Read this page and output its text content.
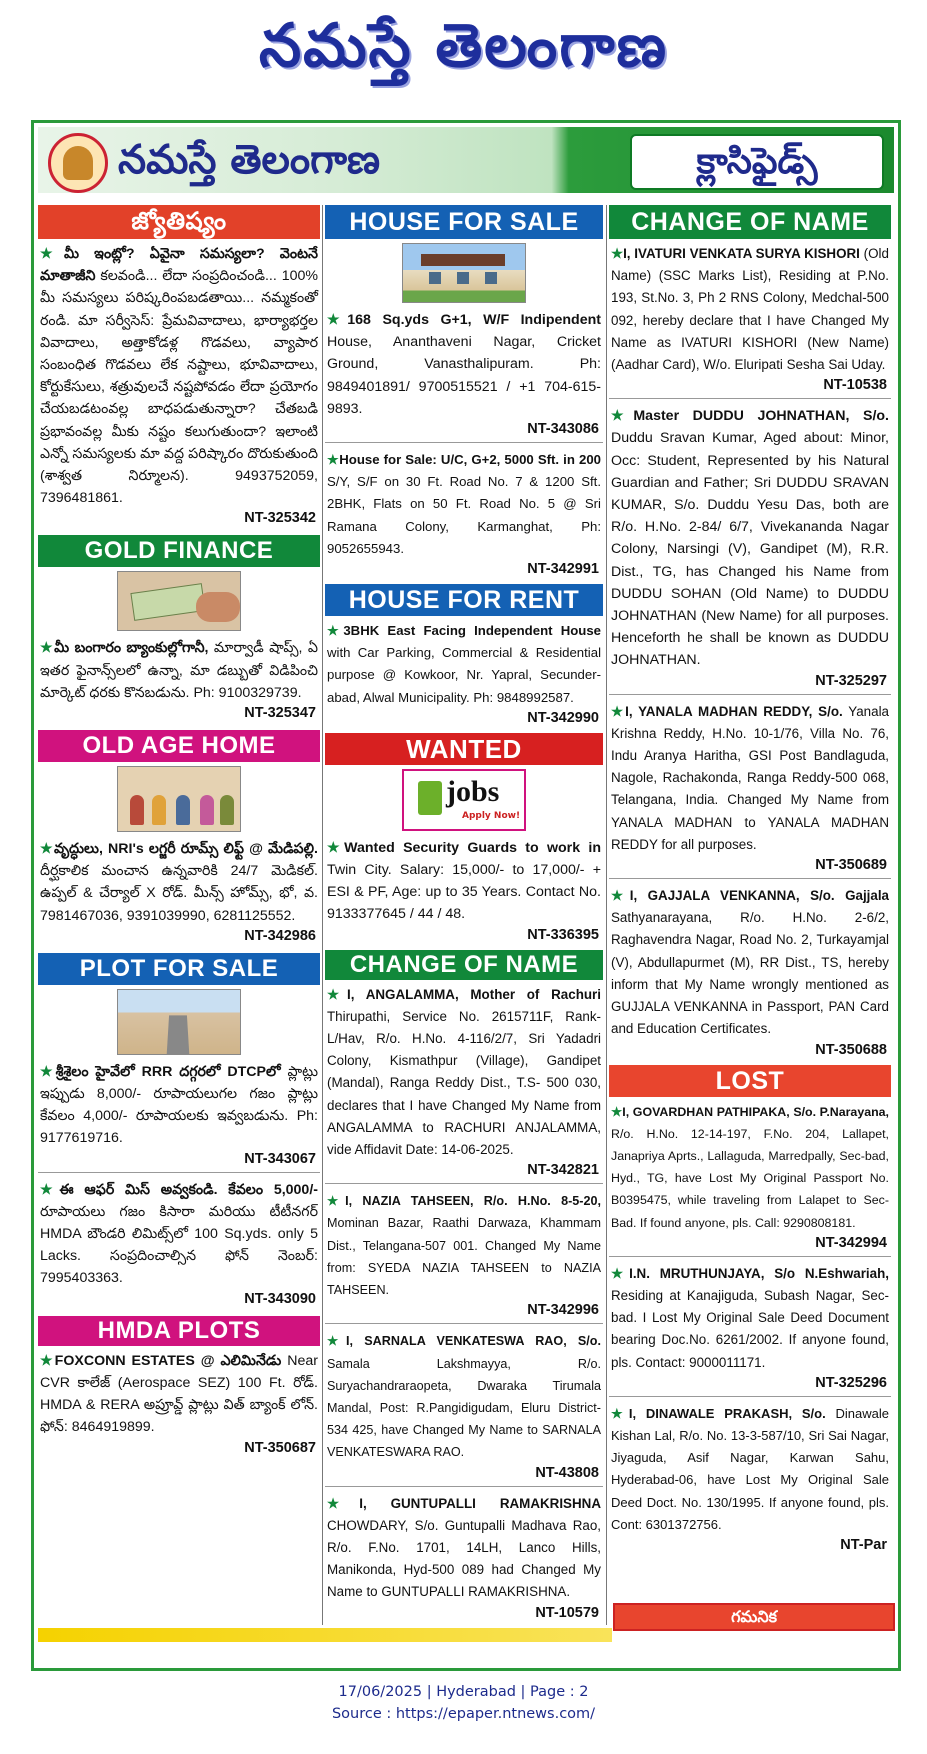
నమస్తే తెలంగాణ
నమస్తే తెలంగాణ	క్లాసిఫైడ్స్
జ్యోతిష్యం
★మీ ఇంట్లో? ఏవైనా సమస్యలా? వెంటనే మాతాజీని కలవండి... లేదా సంప్రదించండి... 100% మీ సమస్యలు పరిష్కరింపబడతాయి... నమ్మకంతో రండి. మా సర్వీసెస్: ప్రేమవివాదాలు, భార్యాభర్తల వివాదాలు, అత్తాకోడళ్ల గొడవలు, వ్యాపార సంబంధిత గొడవలు లేక నష్టాలు, భూవివాదాలు, కోర్టుకేసులు, శత్రువులచే నష్టపోవడం లేదా ప్రయోగం చేయబడటంవల్ల బాధపడుతున్నారా? చేతబడి ప్రభావంవల్ల మీకు నష్టం కలుగుతుందా? ఇలాంటి ఎన్నో సమస్యలకు మా వద్ద పరిష్కారం దొరుకుతుంది (శాశ్వత నిర్మూలన). 9493752059, 7396481861.
NT-325342
GOLD FINANCE
★మీ బంగారం బ్యాంకుల్లోగానీ, మార్వాడీ షాప్స్, ఏ ఇతర ఫైనాన్స్‌లలో ఉన్నా, మా డబ్బుతో విడిపించి మార్కెట్ ధరకు కొనబడును. Ph: 9100329739.
NT-325347
OLD AGE HOME
★వృద్ధులు, NRI's లగ్జరీ రూమ్స్ లిఫ్ట్ @ మేడిపల్లి. దీర్ఘకాలిక మంచాన ఉన్నవారికి 24/7 మెడికల్. ఉప్పల్ & చేర్యాల్ X రోడ్. మీన్స్ హోమ్స్, భో, వ. 7981467036, 9391039990, 6281125552.
NT-342986
PLOT FOR SALE
★శ్రీశైలం హైవేలో RRR దగ్గరలో DTCPలో ప్లాట్లు ఇప్పుడు 8,000/- రూపాయలుగల గజం ప్లాట్లు కేవలం 4,000/- రూపాయలకు ఇవ్వబడును. Ph: 9177619716.
NT-343067
★ఈ ఆఫర్ మిస్ అవ్వకండి. కేవలం 5,000/- రూపాయలు గజం కిసారా మరియు టీటీనగర్ HMDA బౌండరి లిమిట్స్‌లో 100 Sq.yds. only 5 Lacks. సంప్రదించాల్సిన ఫోన్ నెంబర్: 7995403363.
NT-343090
HMDA PLOTS
★FOXCONN ESTATES @ ఎలిమినేడు Near CVR కాలేజ్ (Aerospace SEZ) 100 Ft. రోడ్. HMDA & RERA అప్రూవ్డ్ ప్లాట్లు విత్ బ్యాంక్ లోన్. ఫోన్: 8464919899.
NT-350687
HOUSE FOR SALE
★168 Sq.yds G+1, W/F Indipendent House, Ananthaveni Nagar, Cricket Ground, Vanasthalipuram. Ph: 9849401891/ 9700515521 / +1 704-615-9893.
NT-343086
★House for Sale: U/C, G+2, 5000 Sft. in 200 S/Y, S/F on 30 Ft. Road No. 7 & 1200 Sft. 2BHK, Flats on 50 Ft. Road No. 5 @ Sri Ramana Colony, Karmanghat, Ph: 9052655943.
NT-342991
HOUSE FOR RENT
★3BHK East Facing Independent House with Car Parking, Commercial & Residential purpose @ Kowkoor, Nr. Yapral, Secunder-abad, Alwal Municipality. Ph: 9848992587.
NT-342990
WANTED
jobs
Apply Now!
★Wanted Security Guards to work in Twin City. Salary: 15,000/- to 17,000/- + ESI & PF, Age: up to 35 Years. Contact No. 9133377645 / 44 / 48.
NT-336395
CHANGE OF NAME
★I, ANGALAMMA, Mother of Rachuri Thirupathi, Service No. 2615711F, Rank-L/Hav, R/o. H.No. 4-116/2/7, Sri Yadadri Colony, Kismathpur (Village), Gandipet (Mandal), Ranga Reddy Dist., T.S- 500 030, declares that I have Changed My Name from ANGALAMMA to RACHURI ANJALAMMA, vide Affidavit Date: 14-06-2025.
NT-342821
★I, NAZIA TAHSEEN, R/o. H.No. 8-5-20, Mominan Bazar, Raathi Darwaza, Khammam Dist., Telangana-507 001. Changed My Name from: SYEDA NAZIA TAHSEEN to NAZIA TAHSEEN.
NT-342996
★I, SARNALA VENKATESWA RAO, S/o. Samala Lakshmayya, R/o. Suryachandraraopeta, Dwaraka Tirumala Mandal, Post: R.Pangidigudam, Eluru District-534 425, have Changed My Name to SARNALA VENKATESWARA RAO.
NT-43808
★I, GUNTUPALLI RAMAKRISHNA CHOWDARY, S/o. Guntupalli Madhava Rao, R/o. F.No. 1701, 14LH, Lanco Hills, Manikonda, Hyd-500 089 had Changed My Name to GUNTUPALLI RAMAKRISHNA.
NT-10579
CHANGE OF NAME
★I, IVATURI VENKATA SURYA KISHORI (Old Name) (SSC Marks List), Residing at P.No. 193, St.No. 3, Ph 2 RNS Colony, Medchal-500 092, hereby declare that I have Changed My Name as IVATURI KISHORI (New Name) (Aadhar Card), W/o. Eluripati Sesha Sai Uday.
NT-10538
★Master DUDDU JOHNATHAN, S/o. Duddu Sravan Kumar, Aged about: Minor, Occ: Student, Represented by his Natural Guardian and Father; Sri DUDDU SRAVAN KUMAR, S/o. Duddu Yesu Das, both are R/o. H.No. 2-84/ 6/7, Vivekananda Nagar Colony, Narsingi (V), Gandipet (M), R.R. Dist., TG, has Changed his Name from DUDDU SOHAN (Old Name) to DUDDU JOHNATHAN (New Name) for all purposes. Henceforth he shall be known as DUDDU JOHNATHAN.
NT-325297
★I, YANALA MADHAN REDDY, S/o. Yanala Krishna Reddy, H.No. 10-1/76, Villa No. 76, Indu Aranya Haritha, GSI Post Bandlaguda, Nagole, Rachakonda, Ranga Reddy-500 068, Telangana, India. Changed My Name from YANALA MADHAN to YANALA MADHAN REDDY for all purposes.
NT-350689
★I, GAJJALA VENKANNA, S/o. Gajjala Sathyanarayana, R/o. H.No. 2-6/2, Raghavendra Nagar, Road No. 2, Turkayamjal (V), Abdullapurmet (M), RR Dist., TS, hereby inform that My Name wrongly mentioned as GUJJALA VENKANNA in Passport, PAN Card and Education Certificates.
NT-350688
LOST
★I, GOVARDHAN PATHIPAKA, S/o. P.Narayana, R/o. H.No. 12-14-197, F.No. 204, Lallapet, Janapriya Aprts., Lallaguda, Marredpally, Sec-bad, Hyd., TG, have Lost My Original Passport No. B0395475, while traveling from Lalapet to Sec-Bad. If found anyone, pls. Call: 9290808181.
NT-342994
★I.N. MRUTHUNJAYA, S/o N.Eshwariah, Residing at Kanajiguda, Subash Nagar, Sec-bad. I Lost My Original Sale Deed Document bearing Doc.No. 6261/2002. If anyone found, pls. Contact: 9000011171.
NT-325296
★I, DINAWALE PRAKASH, S/o. Dinawale Kishan Lal, R/o. No. 13-3-587/10, Sri Sai Nagar, Jiyaguda, Asif Nagar, Karwan Sahu, Hyderabad-06, have Lost My Original Sale Deed Doct. No. 130/1995. If anyone found, pls. Cont: 6301372756.
NT-Par
గమనిక
17/06/2025 | Hyderabad | Page : 2
Source : https://epaper.ntnews.com/
